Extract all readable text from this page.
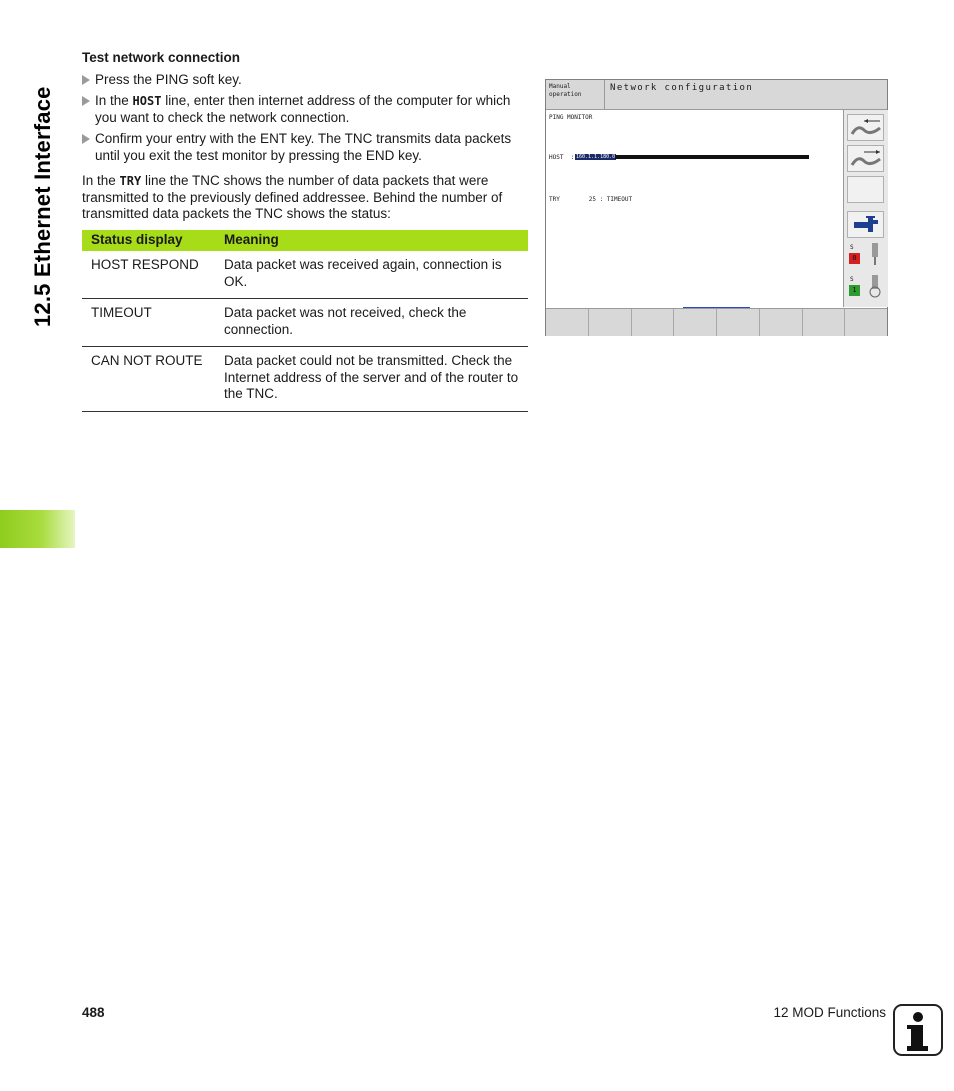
12.5 Ethernet Interface
Test network connection
Press the PING soft key.
In the HOST line, enter then internet address of the computer for which you want to check the network connection.
Confirm your entry with the ENT key. The TNC transmits data packets until you exit the test monitor by pressing the END key.
In the TRY line the TNC shows the number of data packets that were transmitted to the previously defined addressee. Behind the number of transmitted data packets the TNC shows the status:
Status display	Meaning
HOST RESPOND	Data packet was received again, connection is OK.
TIMEOUT	Data packet was not received, check the connection.
CAN NOT ROUTE	Data packet could not be transmitted. Check the Internet address of the server and of the router to the TNC.
Manual
operation
Network configuration
PING MONITOR
HOST  : 160.1.1.180.0
TRY        25 : TIMEOUT
S
0
S
1
488	12 MOD Functions
